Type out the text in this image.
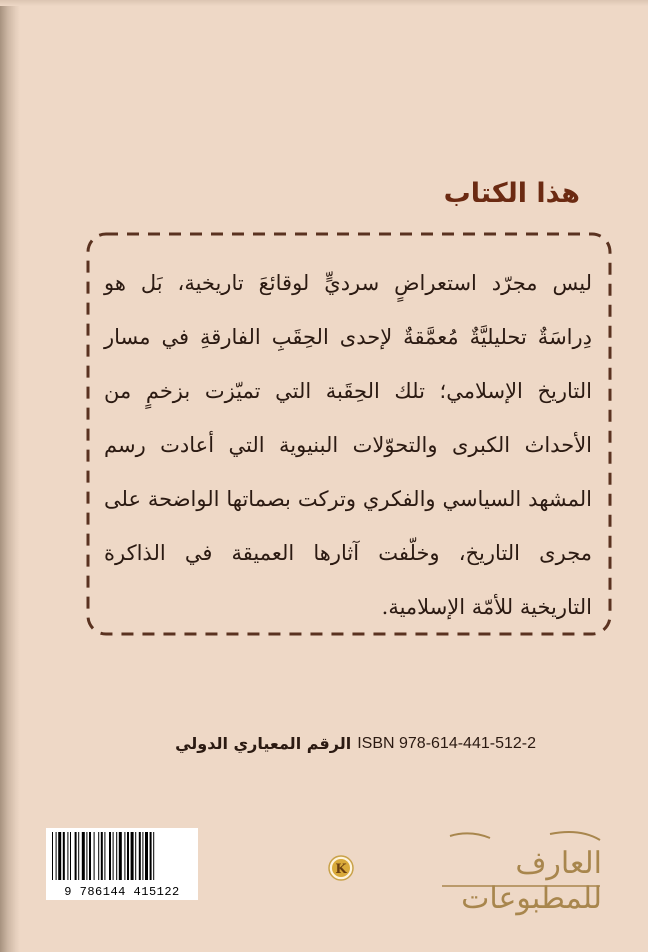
هذا الكتاب
ليس مجرّد استعراضٍ سرديٍّ لوقائعَ تاريخية، بَل هو دِراسَةٌ تحليليَّةٌ مُعمَّقةٌ لإحدى الحِقَبِ الفارقةِ في مسار التاريخ الإسلامي؛ تلك الحِقَبة التي تميّزت بزخمٍ من الأحداث الكبرى والتحوّلات البنيوية التي أعادت رسم المشهد السياسي والفكري وتركت بصماتها الواضحة على مجرى التاريخ، وخلّفت آثارها العميقة في الذاكرة التاريخية للأمّة الإسلامية.
الرقم المعياري الدولي ISBN 978-614-441-512-2
9 786144 415122
K	العارف للمطبوعات
